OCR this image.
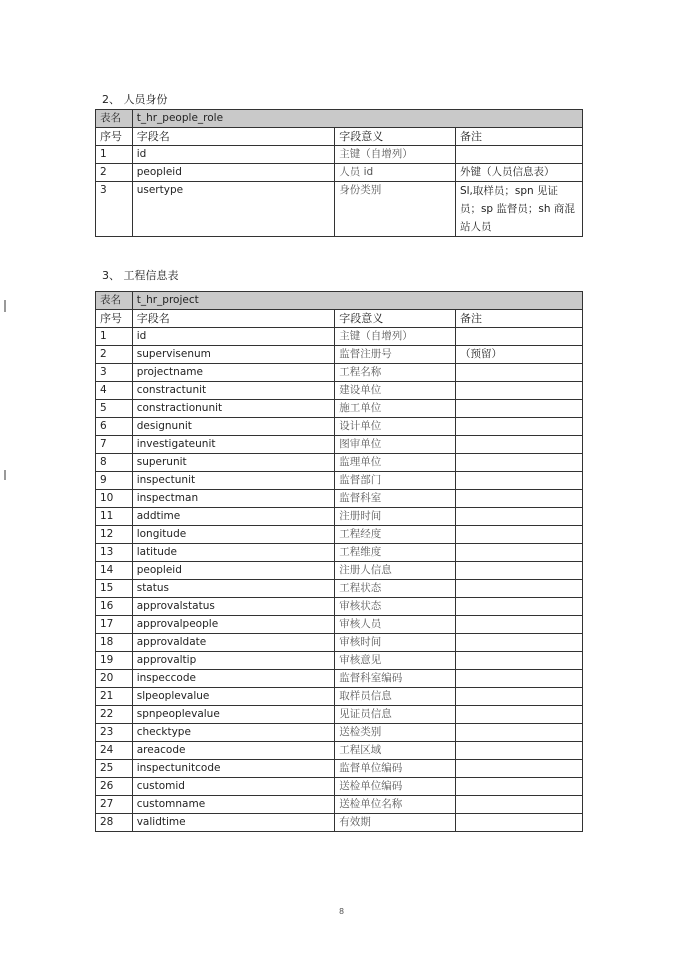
2、 人员身份
表名	t_hr_people_role		
序号	字段名	字段意义	备注
1	id	主键（自增列）	
2	peopleid	人员 id	外键（人员信息表）
3	usertype	身份类别	Sl,取样员；spn 见证员；sp 监督员；sh 商混站人员
3、 工程信息表
表名	t_hr_project		
序号	字段名	字段意义	备注
1	id	主键（自增列）	
2	supervisenum	监督注册号	（预留）
3	projectname	工程名称	
4	constractunit	建设单位	
5	constractionunit	施工单位	
6	designunit	设计单位	
7	investigateunit	图审单位	
8	superunit	监理单位	
9	inspectunit	监督部门	
10	inspectman	监督科室	
11	addtime	注册时间	
12	longitude	工程经度	
13	latitude	工程维度	
14	peopleid	注册人信息	
15	status	工程状态	
16	approvalstatus	审核状态	
17	approvalpeople	审核人员	
18	approvaldate	审核时间	
19	approvaltip	审核意见	
20	inspeccode	监督科室编码	
21	slpeoplevalue	取样员信息	
22	spnpeoplevalue	见证员信息	
23	checktype	送检类别	
24	areacode	工程区域	
25	inspectunitcode	监督单位编码	
26	customid	送检单位编码	
27	customname	送检单位名称	
28	validtime	有效期	
8
